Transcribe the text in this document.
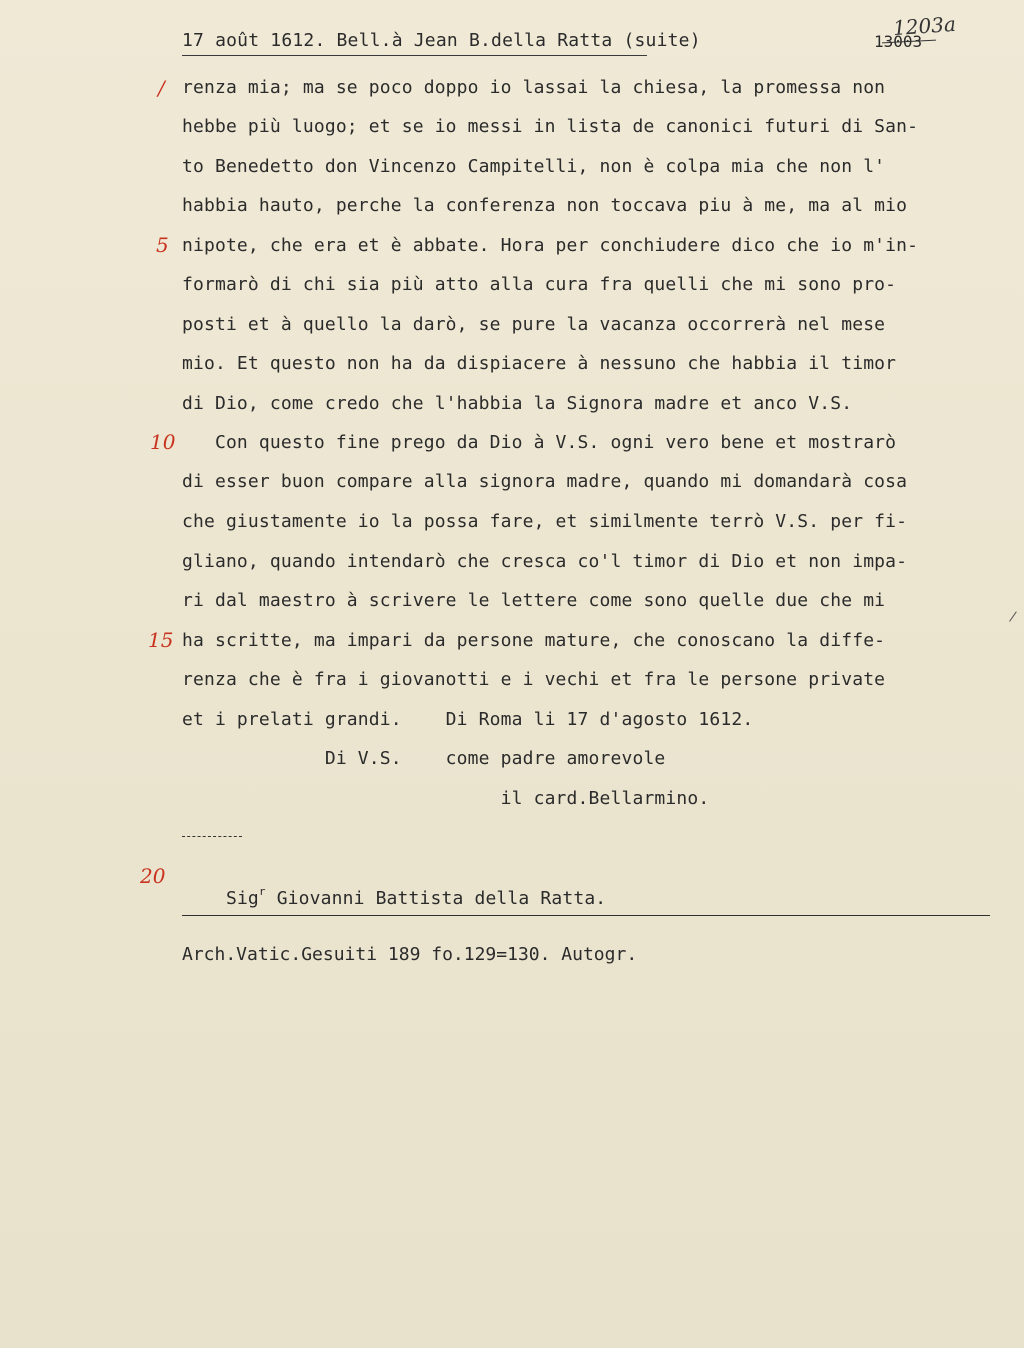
17 août 1612. Bell.à Jean B.della Ratta (suite)
1203a
13003
renza mia; ma se poco doppo io lassai la chiesa, la promessa non
hebbe più luogo; et se io messi in lista de canonici futuri di San-
to Benedetto don Vincenzo Campitelli, non è colpa mia che non l'
habbia hauto, perche la conferenza non toccava piu à me, ma al mio
nipote, che era et è abbate. Hora per conchiudere dico che io m'in-
formarò di chi sia più atto alla cura fra quelli che mi sono pro-
posti et à quello la darò, se pure la vacanza occorrerà nel mese
mio. Et questo non ha da dispiacere à nessuno che habbia il timor
di Dio, come credo che l'habbia la Signora madre et anco V.S.
Con questo fine prego da Dio à V.S. ogni vero bene et mostrarò
di esser buon compare alla signora madre, quando mi domandarà cosa
che giustamente io la possa fare, et similmente terrò V.S. per fi-
gliano, quando intendarò che cresca co'l timor di Dio et non impa-
ri dal maestro à scrivere le lettere come sono quelle due che mi
ha scritte, ma impari da persone mature, che conoscano la diffe-
renza che è fra i giovanotti e i vechi et fra le persone private
et i prelati grandi.    Di Roma li 17 d'agosto 1612.
Di V.S.    come padre amorevole
il card.Bellarmino.
/
5
10
15
20

Sig$^r$ Giovanni Battista della Ratta.

Arch.Vatic.Gesuiti 189 fo.129=130. Autogr.
